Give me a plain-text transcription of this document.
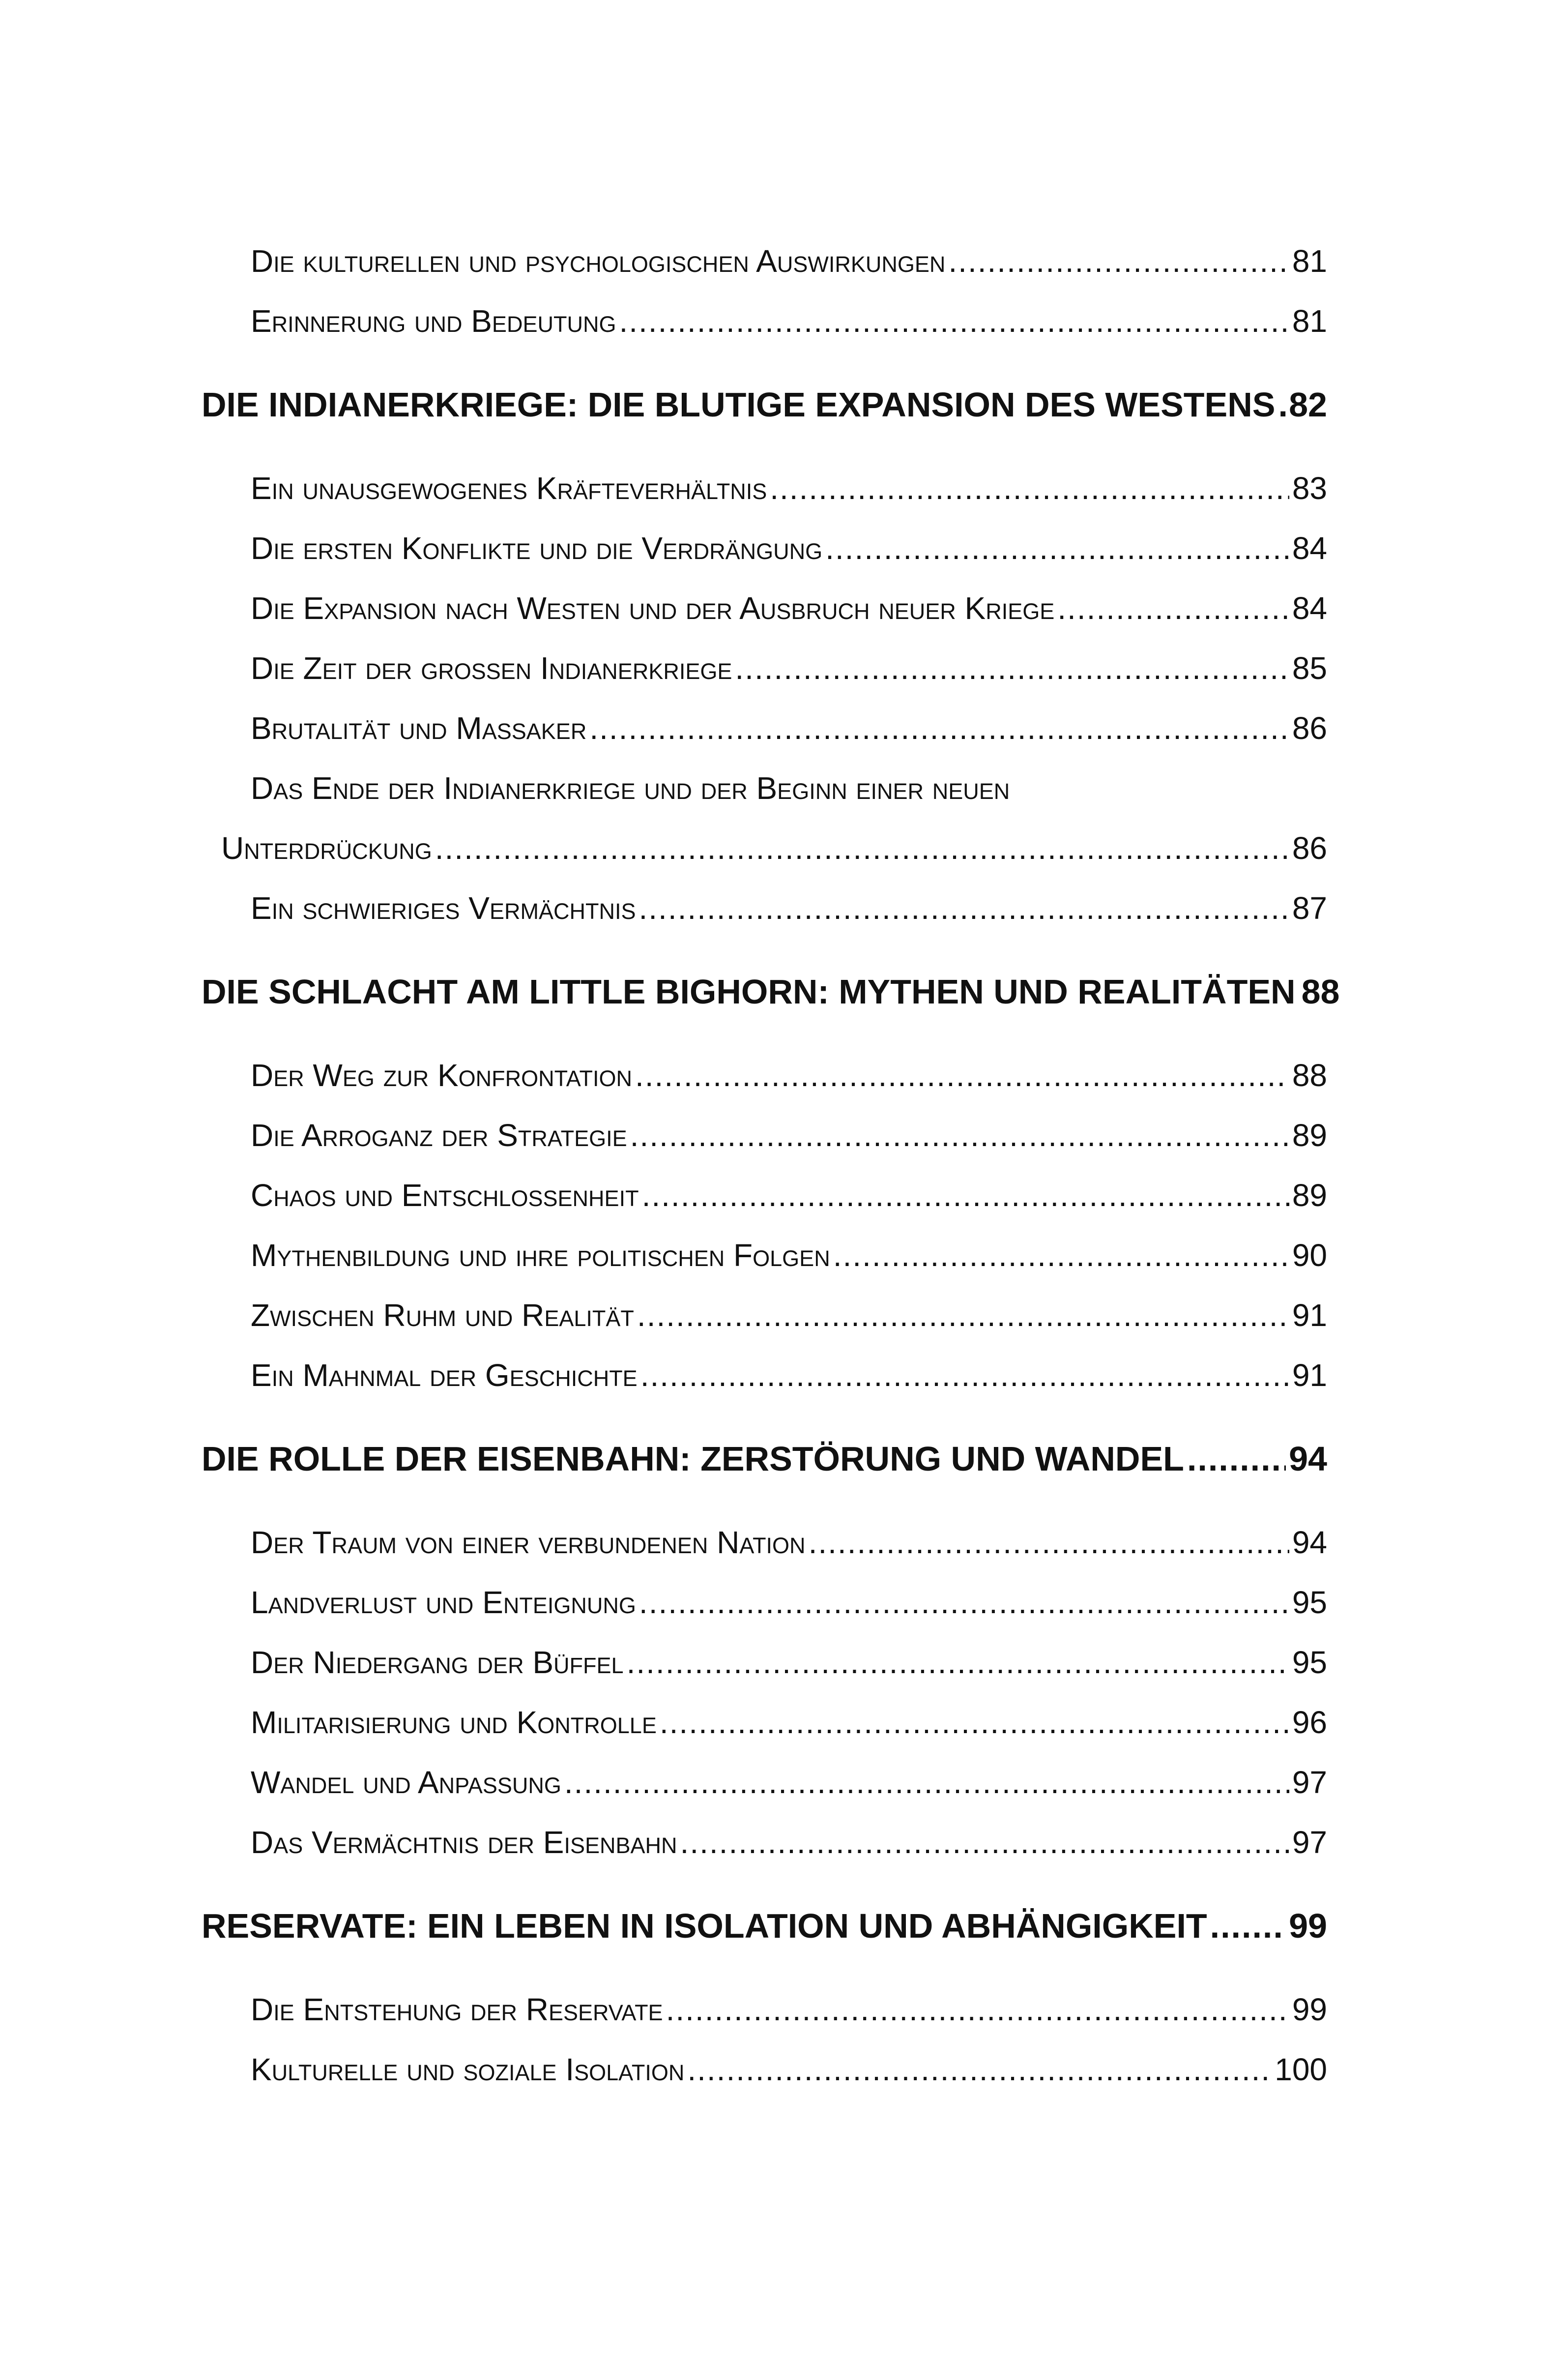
Die kulturellen und psychologischen Auswirkungen .....	81
Erinnerung und Bedeutung .....	81
DIE INDIANERKRIEGE: DIE BLUTIGE EXPANSION DES WESTENS ..... 82
Ein unausgewogenes Kräfteverhältnis .....	83
Die ersten Konflikte und die Verdrängung .....	84
Die Expansion nach Westen und der Ausbruch neuer Kriege .....	84
Die Zeit der großen Indianerkriege .....	85
Brutalität und Massaker .....	86
Das Ende der Indianerkriege und der Beginn einer neuen
Unterdrückung .....	86
Ein schwieriges Vermächtnis .....	87
DIE SCHLACHT AM LITTLE BIGHORN: MYTHEN UND REALITÄTEN 88
Der Weg zur Konfrontation .....	88
Die Arroganz der Strategie .....	89
Chaos und Entschlossenheit .....	89
Mythenbildung und ihre politischen Folgen .....	90
Zwischen Ruhm und Realität .....	91
Ein Mahnmal der Geschichte .....	91
DIE ROLLE DER EISENBAHN: ZERSTÖRUNG UND WANDEL .....	94
Der Traum von einer verbundenen Nation .....	94
Landverlust und Enteignung .....	95
Der Niedergang der Büffel .....	95
Militarisierung und Kontrolle .....	96
Wandel und Anpassung .....	97
Das Vermächtnis der Eisenbahn .....	97
RESERVATE: EIN LEBEN IN ISOLATION UND ABHÄNGIGKEIT ..... 99
Die Entstehung der Reservate .....	99
Kulturelle und soziale Isolation .....	100
